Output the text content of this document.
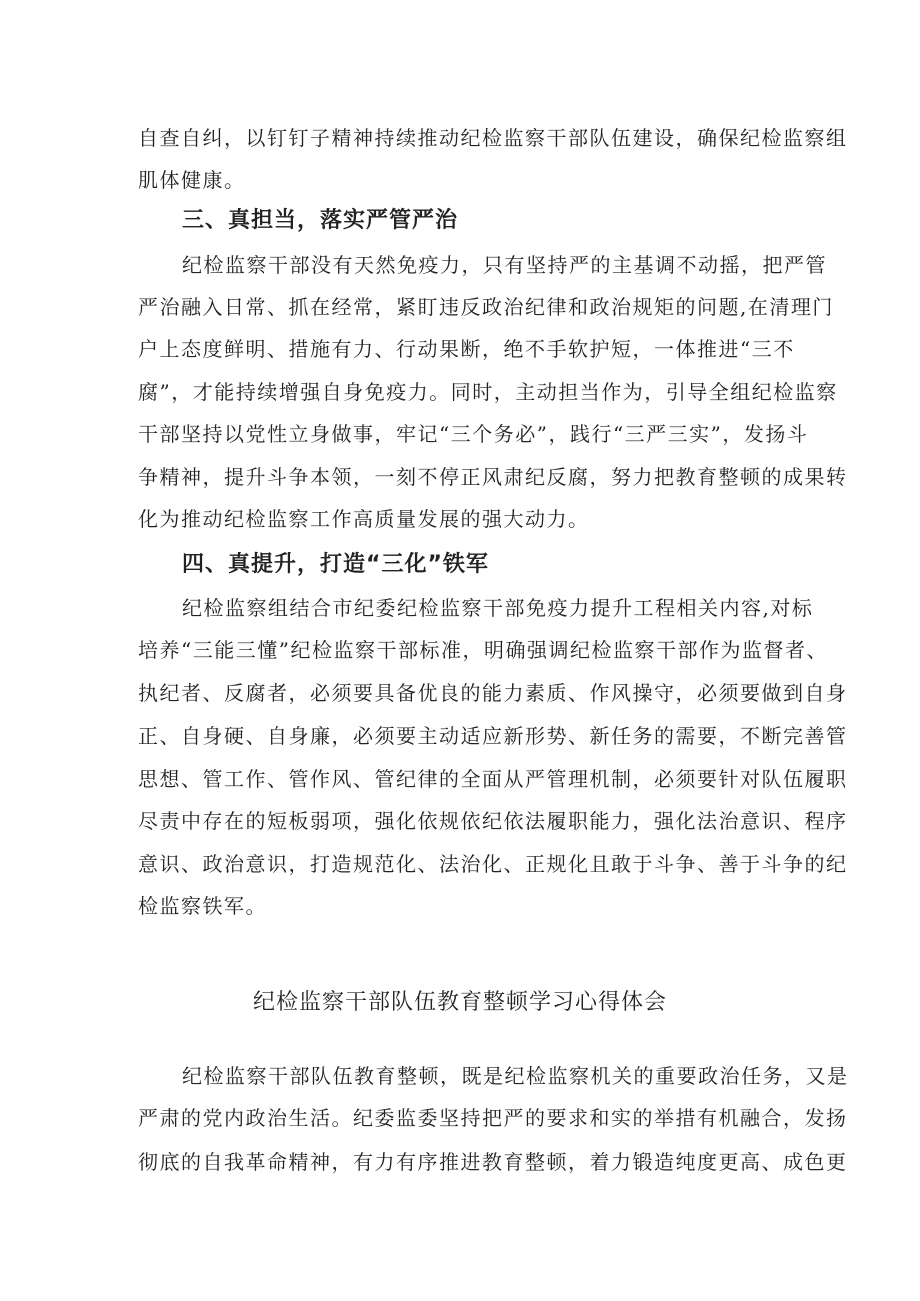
自查自纠，以钉钉子精神持续推动纪检监察干部队伍建设，确保纪检监察组
肌体健康。
三、真担当，落实严管严治
纪检监察干部没有天然免疫力，只有坚持严的主基调不动摇，把严管
严治融入日常、抓在经常，紧盯违反政治纪律和政治规矩的问题,在清理门
户上态度鲜明、措施有力、行动果断，绝不手软护短，一体推进“三不
腐”，才能持续增强自身免疫力。同时，主动担当作为，引导全组纪检监察
干部坚持以党性立身做事，牢记“三个务必”，践行“三严三实”，发扬斗
争精神，提升斗争本领，一刻不停正风肃纪反腐，努力把教育整顿的成果转
化为推动纪检监察工作高质量发展的强大动力。
四、真提升，打造“三化”铁军
纪检监察组结合市纪委纪检监察干部免疫力提升工程相关内容,对标
培养“三能三懂”纪检监察干部标准，明确强调纪检监察干部作为监督者、
执纪者、反腐者，必须要具备优良的能力素质、作风操守，必须要做到自身
正、自身硬、自身廉，必须要主动适应新形势、新任务的需要，不断完善管
思想、管工作、管作风、管纪律的全面从严管理机制，必须要针对队伍履职
尽责中存在的短板弱项，强化依规依纪依法履职能力，强化法治意识、程序
意识、政治意识，打造规范化、法治化、正规化且敢于斗争、善于斗争的纪
检监察铁军。
纪检监察干部队伍教育整顿学习心得体会
纪检监察干部队伍教育整顿，既是纪检监察机关的重要政治任务，又是
严肃的党内政治生活。纪委监委坚持把严的要求和实的举措有机融合，发扬
彻底的自我革命精神，有力有序推进教育整顿，着力锻造纯度更高、成色更
